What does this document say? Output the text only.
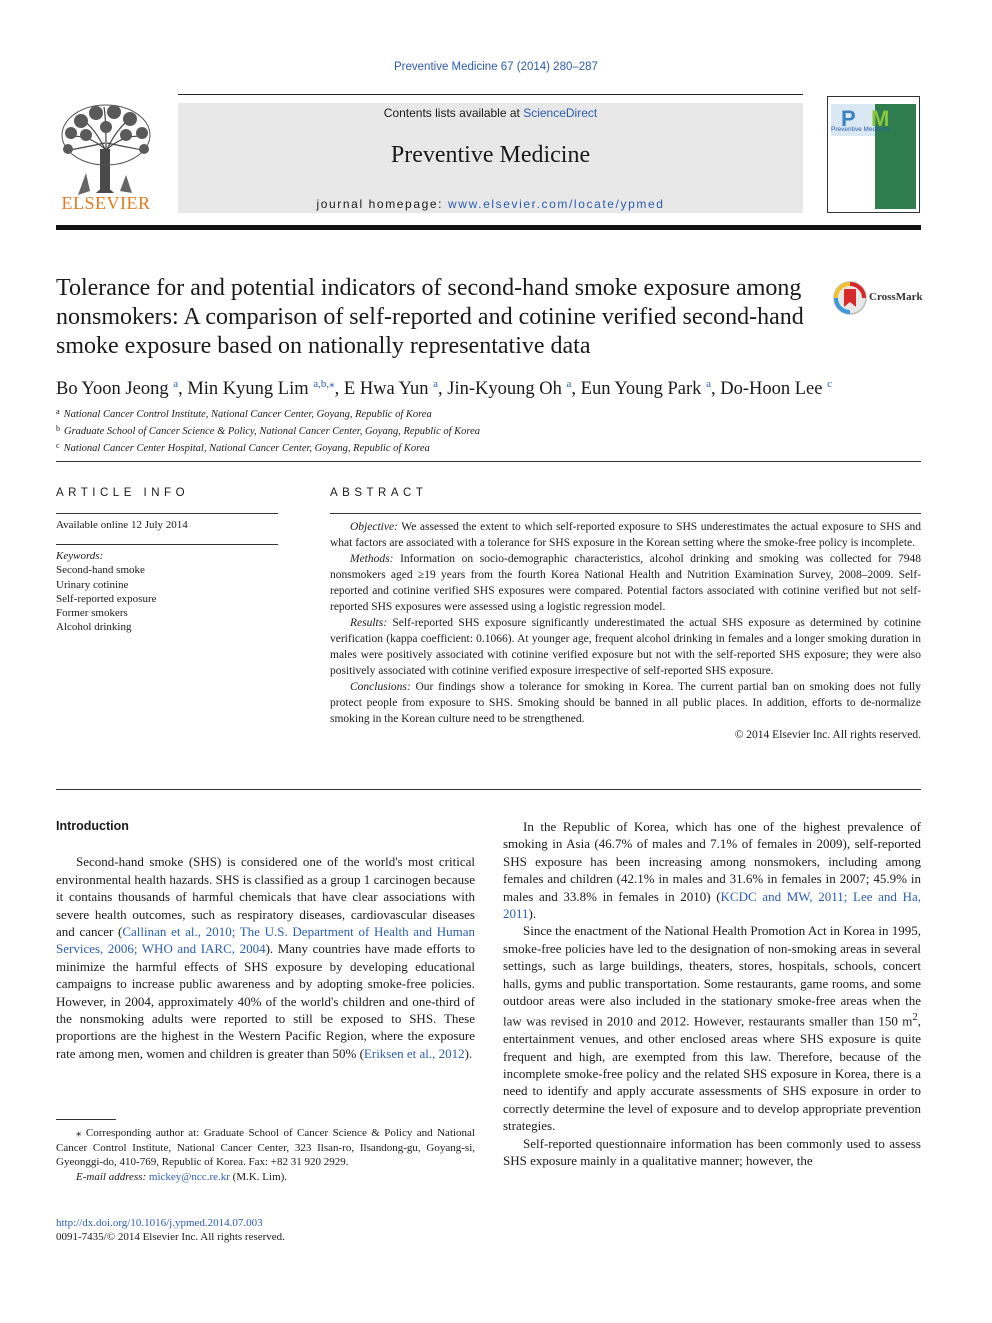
Preventive Medicine 67 (2014) 280–287
ELSEVIER
Contents lists available at ScienceDirect
Preventive Medicine
journal homepage: www.elsevier.com/locate/ypmed
P M
Preventive Medicine
Tolerance for and potential indicators of second-hand smoke exposure among nonsmokers: A comparison of self-reported and cotinine verified second-hand smoke exposure based on nationally representative data
CrossMark
Bo Yoon Jeong $^a$, Min Kyung Lim $^{a,b,⁎}$, E Hwa Yun $^a$, Jin-Kyoung Oh $^a$, Eun Young Park $^a$, Do-Hoon Lee $^c$
$^a$ National Cancer Control Institute, National Cancer Center, Goyang, Republic of Korea
$^b$ Graduate School of Cancer Science & Policy, National Cancer Center, Goyang, Republic of Korea
$^c$ National Cancer Center Hospital, National Cancer Center, Goyang, Republic of Korea
ARTICLE INFO	ABSTRACT
Available online 12 July 2014
Keywords:
Second-hand smoke
Urinary cotinine
Self-reported exposure
Former smokers
Alcohol drinking

Objective: We assessed the extent to which self-reported exposure to SHS underestimates the actual exposure to SHS and what factors are associated with a tolerance for SHS exposure in the Korean setting where the smoke-free policy is incomplete.

Methods: Information on socio-demographic characteristics, alcohol drinking and smoking was collected for 7948 nonsmokers aged ≥19 years from the fourth Korea National Health and Nutrition Examination Survey, 2008–2009. Self-reported and cotinine verified SHS exposures were compared. Potential factors associated with cotinine verified but not self-reported SHS exposures were assessed using a logistic regression model.

Results: Self-reported SHS exposure significantly underestimated the actual SHS exposure as determined by cotinine verification (kappa coefficient: 0.1066). At younger age, frequent alcohol drinking in females and a longer smoking duration in males were positively associated with cotinine verified exposure but not with the self-reported SHS exposure; they were also positively associated with cotinine verified exposure irrespective of self-reported SHS exposure.

Conclusions: Our findings show a tolerance for smoking in Korea. The current partial ban on smoking does not fully protect people from exposure to SHS. Smoking should be banned in all public places. In addition, efforts to de-normalize smoking in the Korean culture need to be strengthened.

© 2014 Elsevier Inc. All rights reserved.
Introduction

Second-hand smoke (SHS) is considered one of the world's most critical environmental health hazards. SHS is classified as a group 1 carcinogen because it contains thousands of harmful chemicals that have clear associations with severe health outcomes, such as respiratory diseases, cardiovascular diseases and cancer (Callinan et al., 2010; The U.S. Department of Health and Human Services, 2006; WHO and IARC, 2004). Many countries have made efforts to minimize the harmful effects of SHS exposure by developing educational campaigns to increase public awareness and by adopting smoke-free policies. However, in 2004, approximately 40% of the world's children and one-third of the nonsmoking adults were reported to still be exposed to SHS. These proportions are the highest in the Western Pacific Region, where the exposure rate among men, women and children is greater than 50% (Eriksen et al., 2012).

In the Republic of Korea, which has one of the highest prevalence of smoking in Asia (46.7% of males and 7.1% of females in 2009), self-reported SHS exposure has been increasing among nonsmokers, including among females and children (42.1% in males and 31.6% in females in 2007; 45.9% in males and 33.8% in females in 2010) (KCDC and MW, 2011; Lee and Ha, 2011).

Since the enactment of the National Health Promotion Act in Korea in 1995, smoke-free policies have led to the designation of non-smoking areas in several settings, such as large buildings, theaters, stores, hospitals, schools, concert halls, gyms and public transportation. Some restaurants, game rooms, and some outdoor areas were also included in the stationary smoke-free areas when the law was revised in 2010 and 2012. However, restaurants smaller than 150 $m^2$, entertainment venues, and other enclosed areas where SHS exposure is quite frequent and high, are exempted from this law. Therefore, because of the incomplete smoke-free policy and the related SHS exposure in Korea, there is a need to identify and apply accurate assessments of SHS exposure in order to correctly determine the level of exposure and to develop appropriate prevention strategies.

Self-reported questionnaire information has been commonly used to assess SHS exposure mainly in a qualitative manner; however, the

⁎ Corresponding author at: Graduate School of Cancer Science & Policy and National Cancer Control Institute, National Cancer Center, 323 Ilsan-ro, Ilsandong-gu, Goyang-si, Gyeonggi-do, 410-769, Republic of Korea. Fax: +82 31 920 2929.

E-mail address: mickey@ncc.re.kr (M.K. Lim).

http://dx.doi.org/10.1016/j.ypmed.2014.07.003
0091-7435/© 2014 Elsevier Inc. All rights reserved.
